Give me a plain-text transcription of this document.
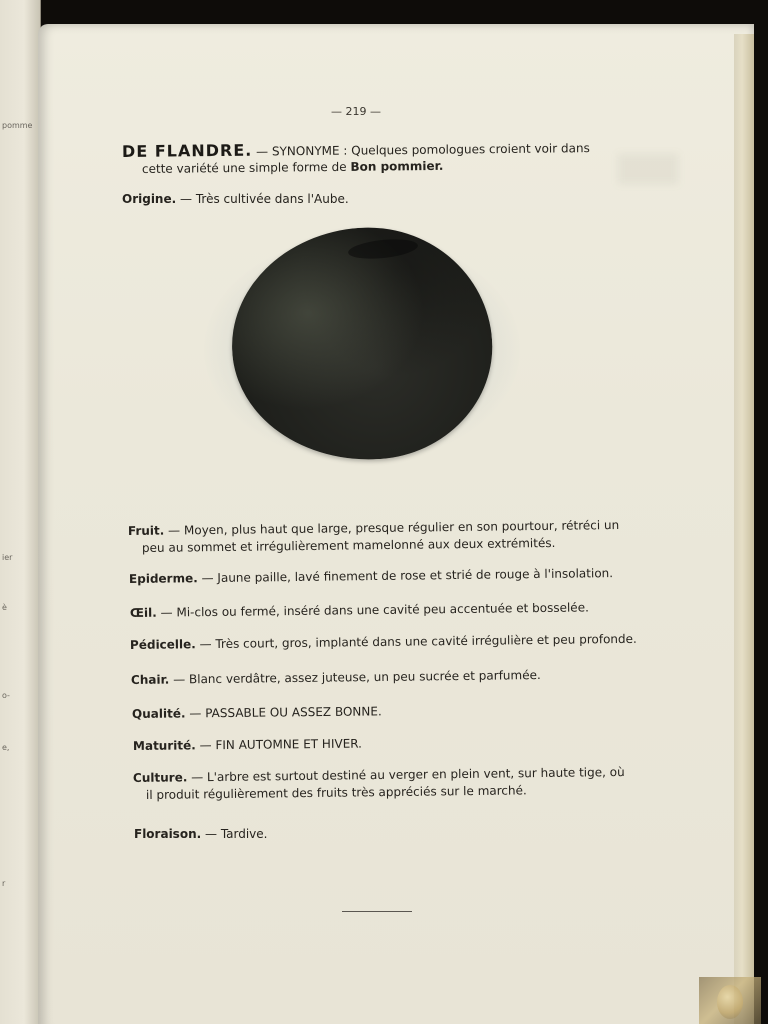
pomme
ier
è
o-
e,
r
— 219 —
DE FLANDRE. — SYNONYME : Quelques pomologues croient voir dans
cette variété une simple forme de Bon pommier.
Origine. — Très cultivée dans l'Aube.
Fruit. — Moyen, plus haut que large, presque régulier en son pourtour, rétréci un
peu au sommet et irrégulièrement mamelonné aux deux extrémités.
Epiderme. — Jaune paille, lavé finement de rose et strié de rouge à l'insolation.
Œil. — Mi-clos ou fermé, inséré dans une cavité peu accentuée et bosselée.
Pédicelle. — Très court, gros, implanté dans une cavité irrégulière et peu profonde.
Chair. — Blanc verdâtre, assez juteuse, un peu sucrée et parfumée.
Qualité. — PASSABLE OU ASSEZ BONNE.
Maturité. — FIN AUTOMNE ET HIVER.
Culture. — L'arbre est surtout destiné au verger en plein vent, sur haute tige, où
il produit régulièrement des fruits très appréciés sur le marché.
Floraison. — Tardive.
